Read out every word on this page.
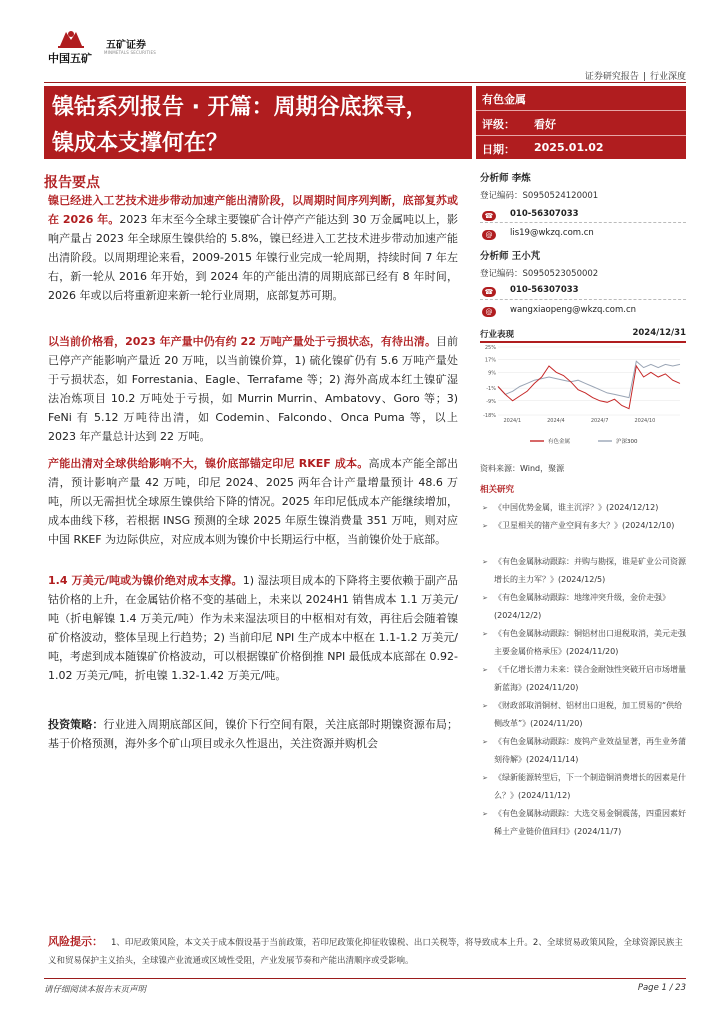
中国五矿
五矿证券
MINMETALS SECURITIES
证券研究报告 | 行业深度
镍钴系列报告 · 开篇：周期谷底探寻，
镍成本支撑何在？
有色金属
评级： 看好
日期： 2025.01.02
报告要点
镍已经进入工艺技术进步带动加速产能出清阶段，以周期时间序列判断，底部复苏或在 2026 年。2023 年末至今全球主要镍矿合计停产产能达到 30 万金属吨以上，影响产量占 2023 年全球原生镍供给的 5.8%，镍已经进入工艺技术进步带动加速产能出清阶段。以周期理论来看，2009-2015 年镍行业完成一轮周期，持续时间 7 年左右，新一轮从 2016 年开始，到 2024 年的产能出清的周期底部已经有 8 年时间，2026 年或以后将重新迎来新一轮行业周期，底部复苏可期。
以当前价格看，2023 年产量中仍有约 22 万吨产量处于亏损状态，有待出清。目前已停产产能影响产量近 20 万吨，以当前镍价算，1) 硫化镍矿仍有 5.6 万吨产量处于亏损状态，如 Forrestania、Eagle、Terrafame 等；2) 海外高成本红土镍矿湿法冶炼项目 10.2 万吨处于亏损，如 Murrin Murrin、Ambatovy、Goro 等；3) FeNi 有 5.12 万吨待出清，如 Codemin、Falcondo、Onca Puma 等，以上 2023 年产量总计达到 22 万吨。
产能出清对全球供给影响不大，镍价底部锚定印尼 RKEF 成本。高成本产能全部出清，预计影响产量 42 万吨，印尼 2024、2025 两年合计产量增量预计 48.6 万吨，所以无需担忧全球原生镍供给下降的情况。2025 年印尼低成本产能继续增加，成本曲线下移，若根据 INSG 预测的全球 2025 年原生镍消费量 351 万吨，则对应中国 RKEF 为边际供应，对应成本则为镍价中长期运行中枢，当前镍价处于底部。
1.4 万美元/吨或为镍价绝对成本支撑。1) 湿法项目成本的下降将主要依赖于副产品钴价格的上升，在金属钴价格不变的基础上，未来以 2024H1 销售成本 1.1 万美元/吨（折电解镍 1.4 万美元/吨）作为未来湿法项目的中枢相对有效，再往后会随着镍矿价格波动，整体呈现上行趋势；2) 当前印尼 NPI 生产成本中枢在 1.1-1.2 万美元/吨，考虑到成本随镍矿价格波动，可以根据镍矿价格倒推 NPI 最低成本底部在 0.92-1.02 万美元/吨，折电镍 1.32-1.42 万美元/吨。
投资策略：行业进入周期底部区间，镍价下行空间有限，关注底部时期镍资源布局；基于价格预测，海外多个矿山项目或永久性退出，关注资源并购机会
分析师 李炼
登记编码：S0950524120001
☎	010-56307033
@	lis19@wkzq.com.cn
分析师 王小芃
登记编码：S0950523050002
☎	010-56307033
@	wangxiaopeng@wkzq.com.cn
行业表现	2024/12/31
25%
17%
9%
-1%
-9%
-18%
2024/1	2024/4	2024/7	2024/10
有色金属	沪深300
资料来源：Wind，聚源
相关研究
➢ 《中国优势金属，谁主沉浮？》(2024/12/12)
➢ 《卫星相关的锗产业空间有多大？》(2024/12/10)
➢ 《有色金属脉动跟踪：并购与勘探，谁是矿业公司资源增长的主力军？》(2024/12/5)
➢ 《有色金属脉动跟踪：地缘冲突升级，金价走强》(2024/12/2)
➢ 《有色金属脉动跟踪：铜铝材出口退税取消，美元走强主要金属价格承压》(2024/11/20)
➢ 《千亿增长潜力未来：镁合金耐蚀性突破开启市场增量新蓝海》(2024/11/20)
➢ 《财政部取消铜材、铝材出口退税，加工贸易的“供给侧改革”》(2024/11/20)
➢ 《有色金属脉动跟踪：废钨产业效益显著，再生业务蒲刻待解》(2024/11/14)
➢ 《绿新能源转型后，下一个制造铜消费增长的因素是什么？》(2024/11/12)
➢ 《有色金属脉动跟踪：大选交易金铜震荡，四重因素好稀土产业链价值回归》(2024/11/7)
风险提示： 1、印尼政策风险，本文关于成本假设基于当前政策，若印尼政策化抑征收镍税、出口关税等，将导致成本上升。2、全球贸易政策风险，全球资源民族主义和贸易保护主义抬头，全球镍产业流通或区域性受阻，产业发展节奏和产能出清顺序或受影响。
请仔细阅读本报告末页声明	Page 1 / 23
